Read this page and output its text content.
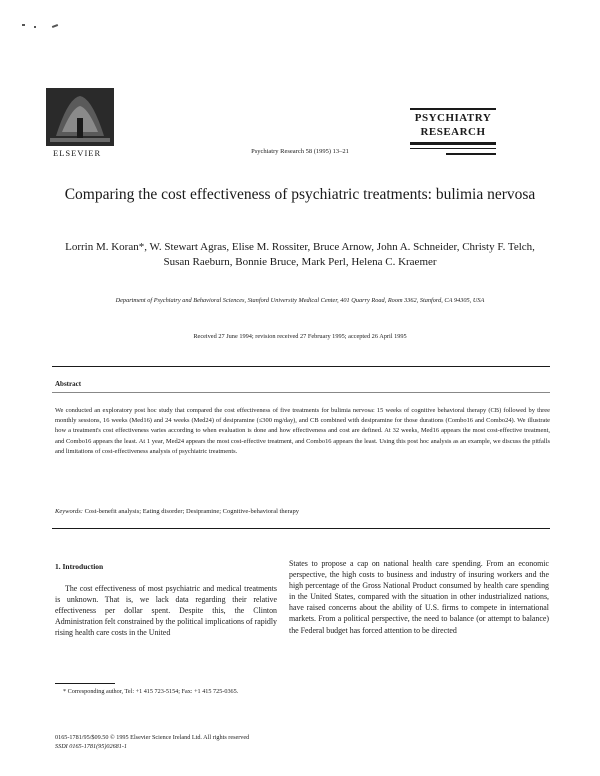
ELSEVIER	Psychiatry Research 58 (1995) 13–21
PSYCHIATRY
RESEARCH
Comparing the cost effectiveness of psychiatric treatments: bulimia nervosa
Lorrin M. Koran*, W. Stewart Agras, Elise M. Rossiter, Bruce Arnow, John A. Schneider, Christy F. Telch, Susan Raeburn, Bonnie Bruce, Mark Perl, Helena C. Kraemer
Department of Psychiatry and Behavioral Sciences, Stanford University Medical Center, 401 Quarry Road, Room 3362, Stanford, CA 94305, USA
Received 27 June 1994; revision received 27 February 1995; accepted 26 April 1995
Abstract
We conducted an exploratory post hoc study that compared the cost effectiveness of five treatments for bulimia nervosa: 15 weeks of cognitive behavioral therapy (CB) followed by three monthly sessions, 16 weeks (Med16) and 24 weeks (Med24) of desipramine (≤300 mg/day), and CB combined with desipramine for those durations (Combo16 and Combo24). We illustrate how a treatment's cost effectiveness varies according to when evaluation is done and how effectiveness and cost are defined. At 32 weeks, Med16 appears the most cost-effective treatment, and Combo16 appears the least. At 1 year, Med24 appears the most cost-effective treatment, and Combo16 appears the least. Using this post hoc analysis as an example, we discuss the pitfalls and limitations of cost-effectiveness analysis of psychiatric treatments.
Keywords: Cost-benefit analysis; Eating disorder; Desipramine; Cognitive-behavioral therapy
1. Introduction
The cost effectiveness of most psychiatric and medical treatments is unknown. That is, we lack data regarding their relative effectiveness per dollar spent. Despite this, the Clinton Administration felt constrained by the political implications of rapidly rising health care costs in the United
States to propose a cap on national health care spending. From an economic perspective, the high costs to business and industry of insuring workers and the high percentage of the Gross National Product consumed by health care spending in the United States, compared with the situation in other industrialized nations, have raised concerns about the ability of U.S. firms to compete in international markets. From a political perspective, the need to balance (or attempt to balance) the Federal budget has forced attention to be directed
* Corresponding author, Tel: +1 415 723-5154; Fax: +1 415 725-0365.
0165-1781/95/$09.50 © 1995 Elsevier Science Ireland Ltd. All rights reserved
SSDI 0165-1781(95)02681-1
